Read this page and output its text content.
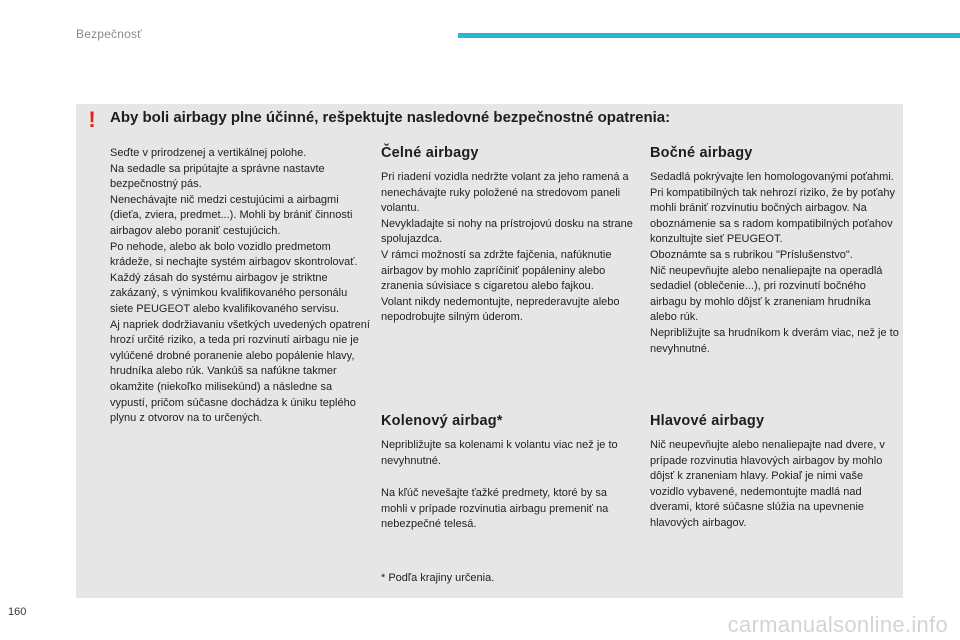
Bezpečnosť
! Aby boli airbagy plne účinné, rešpektujte nasledovné bezpečnostné opatrenia:

Seďte v prirodzenej a vertikálnej polohe.
Na sedadle sa pripútajte a správne nastavte bezpečnostný pás.
Nenechávajte nič medzi cestujúcimi a airbagmi (dieťa, zviera, predmet...). Mohli by brániť činnosti airbagov alebo poraniť cestujúcich.
Po nehode, alebo ak bolo vozidlo predmetom krádeže, si nechajte systém airbagov skontrolovať.
Každý zásah do systému airbagov je striktne zakázaný, s výnimkou kvalifikovaného personálu siete PEUGEOT alebo kvalifikovaného servisu.
Aj napriek dodržiavaniu všetkých uvedených opatrení hrozí určité riziko, a teda pri rozvinutí airbagu nie je vylúčené drobné poranenie alebo popálenie hlavy, hrudníka alebo rúk. Vankúš sa nafúkne takmer okamžite (niekoľko milisekúnd) a následne sa vypustí, pričom súčasne dochádza k úniku teplého plynu z otvorov na to určených.

Čelné airbagy

Pri riadení vozidla nedržte volant za jeho ramená a nenechávajte ruky položené na stredovom paneli volantu.
Nevykladajte si nohy na prístrojovú dosku na strane spolujazdca.
V rámci možností sa zdržte fajčenia, nafúknutie airbagov by mohlo zapríčiniť popáleniny alebo zranenia súvisiace s cigaretou alebo fajkou.
Volant nikdy nedemontujte, neprederavujte alebo nepodrobujte silným úderom.

Kolenový airbag*

Nepribližujte sa kolenami k volantu viac než je to nevyhnutné.

Na kľúč nevešajte ťažké predmety, ktoré by sa mohli v prípade rozvinutia airbagu premeniť na nebezpečné telesá.

* Podľa krajiny určenia.

Bočné airbagy

Sedadlá pokrývajte len homologovanými poťahmi. Pri kompatibilných tak nehrozí riziko, že by poťahy mohli brániť rozvinutiu bočných airbagov. Na oboznámenie sa s radom kompatibilných poťahov konzultujte sieť PEUGEOT.
Oboznámte sa s rubrikou "Príslušenstvo".
Nič neupevňujte alebo nenaliepajte na operadlá sedadiel (oblečenie...), pri rozvinutí bočného airbagu by mohlo dôjsť k zraneniam hrudníka alebo rúk.
Nepribližujte sa hrudníkom k dverám viac, než je to nevyhnutné.

Hlavové airbagy

Nič neupevňujte alebo nenaliepajte nad dvere, v prípade rozvinutia hlavových airbagov by mohlo dôjsť k zraneniam hlavy. Pokiaľ je nimi vaše vozidlo vybavené, nedemontujte madlá nad dverami, ktoré súčasne slúžia na upevnenie hlavových airbagov.

160	carmanualsonline.info
